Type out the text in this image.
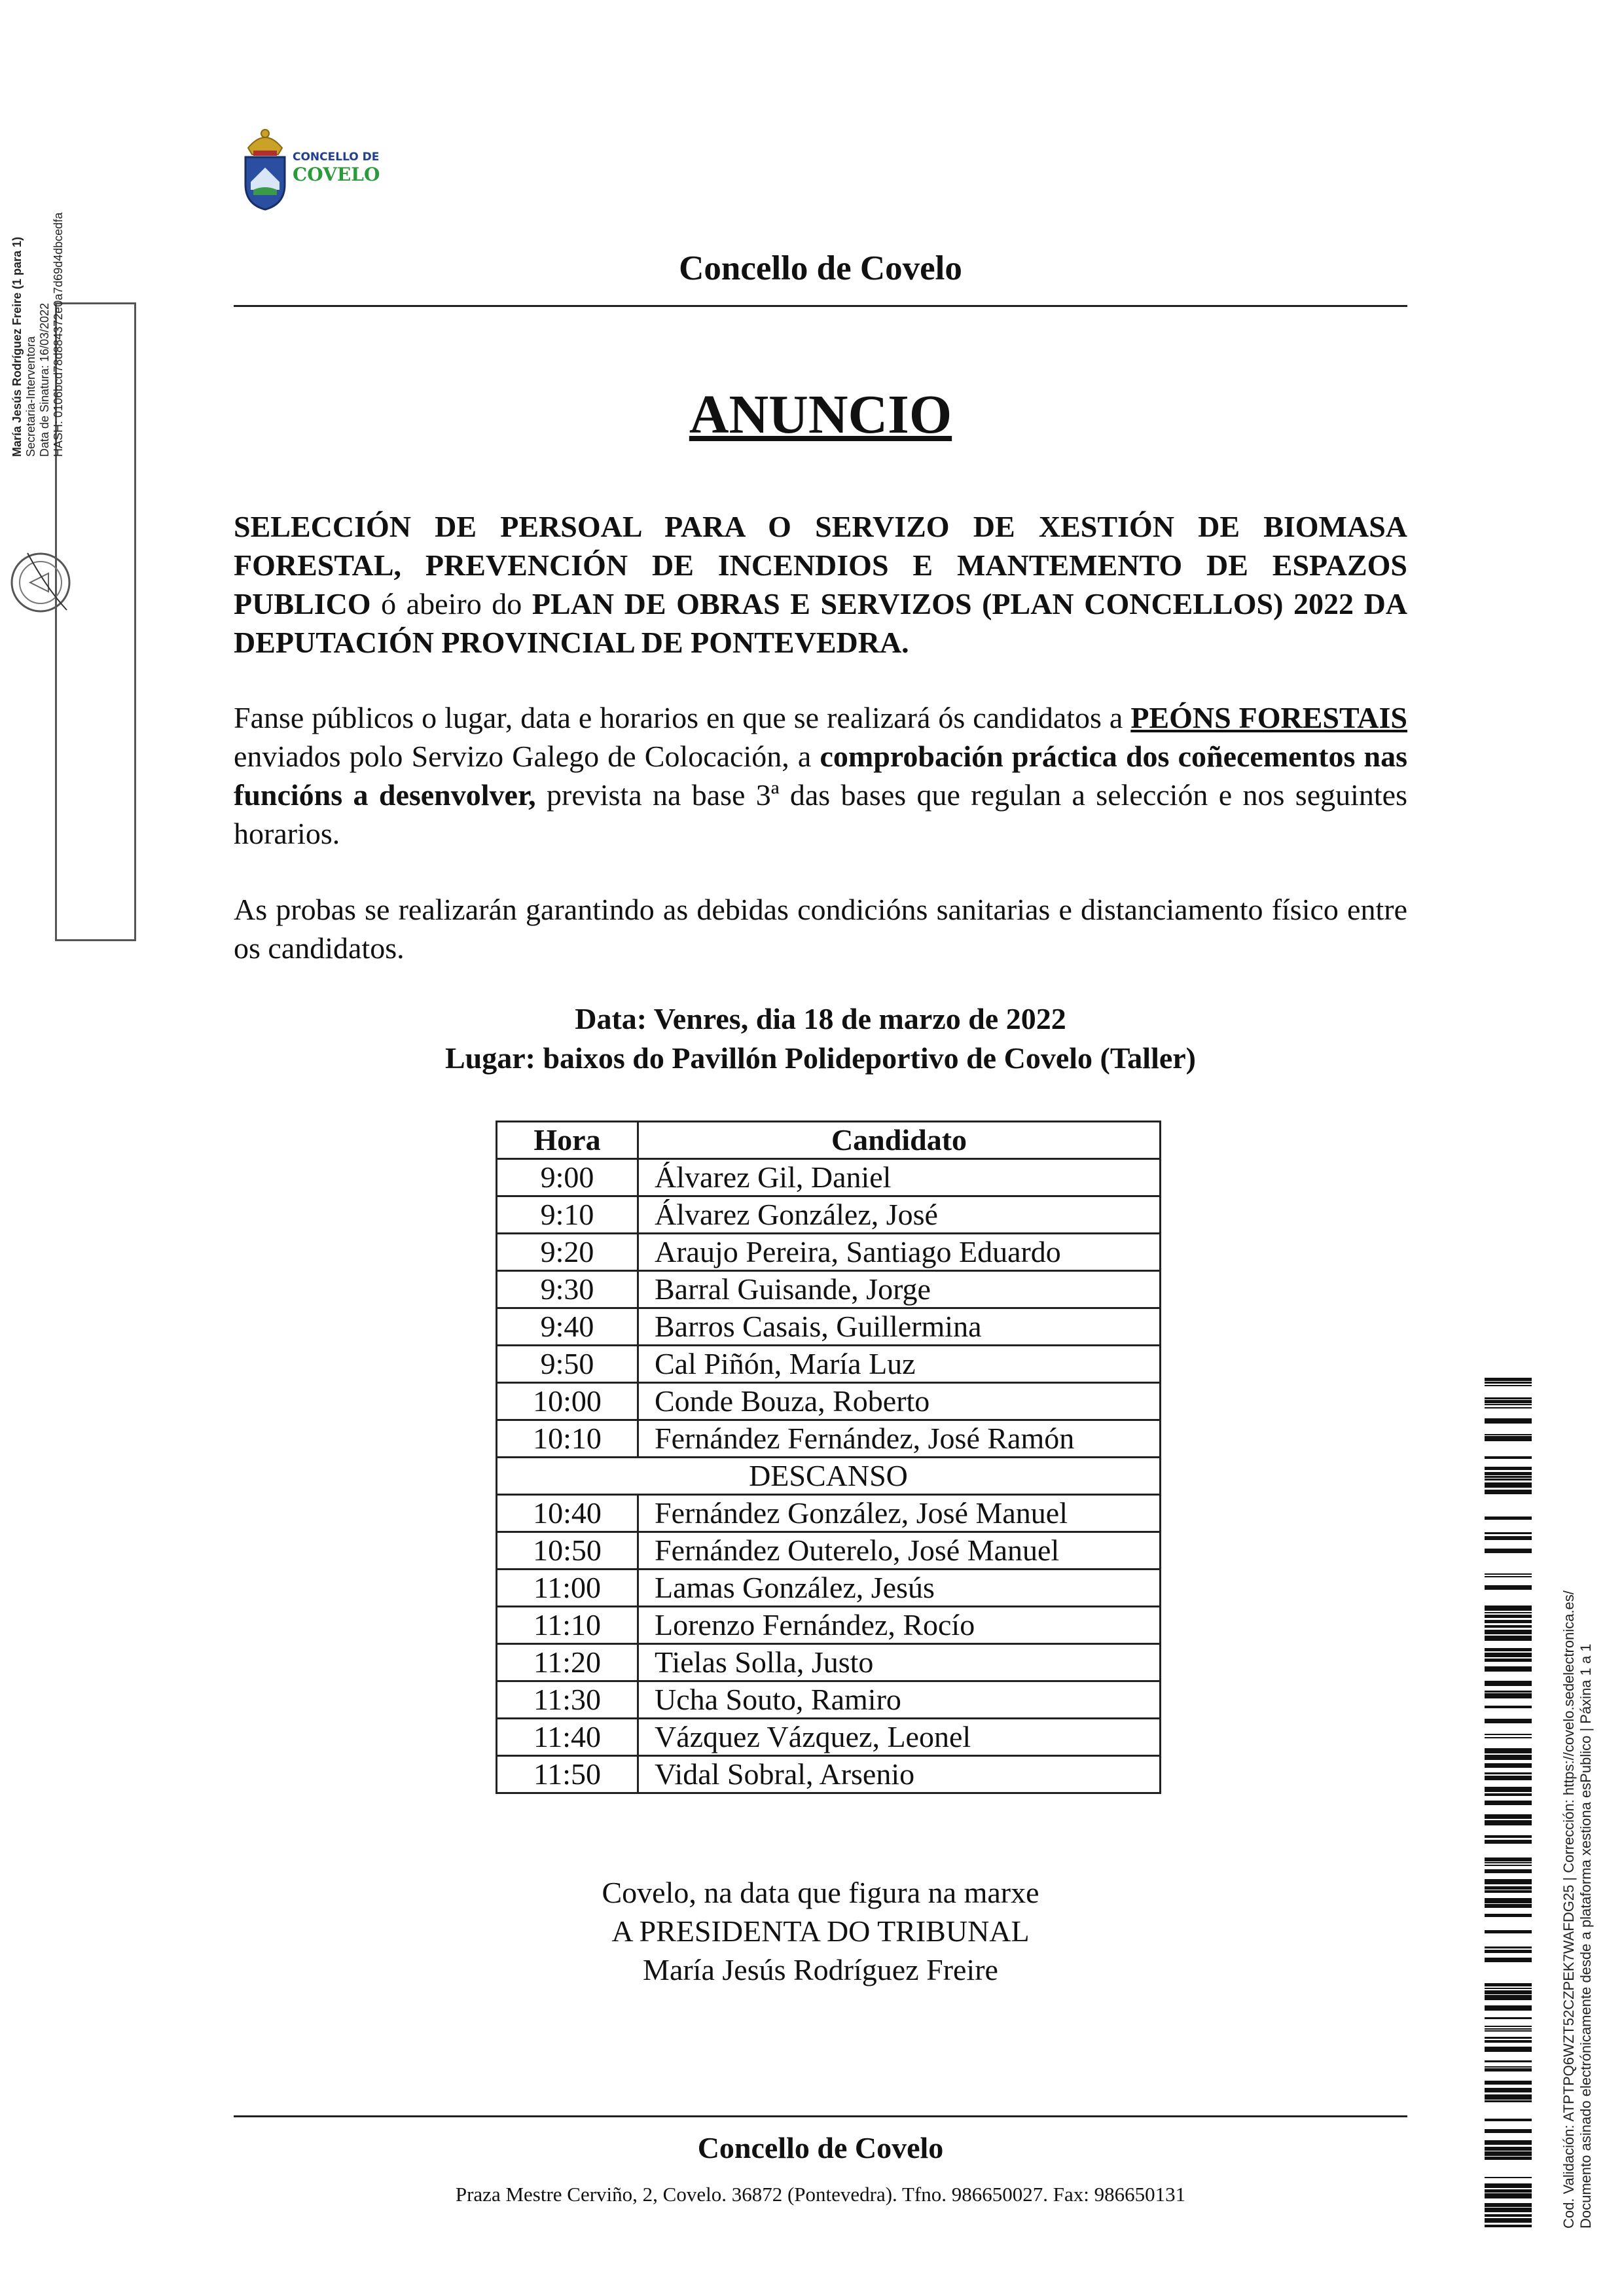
CONCELLO DE
COVELO
Concello de Covelo
ANUNCIO
SELECCIÓN DE PERSOAL PARA O SERVIZO DE XESTIÓN DE BIOMASA FORESTAL, PREVENCIÓN DE INCENDIOS E MANTEMENTO DE ESPAZOS PUBLICO ó abeiro do PLAN DE OBRAS E SERVIZOS (PLAN CONCELLOS) 2022 DA DEPUTACIÓN PROVINCIAL DE PONTEVEDRA.
Fanse públicos o lugar, data e horarios en que se realizará ós candidatos a PEÓNS FORESTAIS enviados polo Servizo Galego de Colocación, a comprobación práctica dos coñecementos nas funcións a desenvolver, prevista na base 3ª das bases que regulan a selección e nos seguintes horarios.
As probas se realizarán garantindo as debidas condicións sanitarias e distanciamento físico entre os candidatos.
Data: Venres, dia 18 de marzo de 2022
Lugar: baixos do Pavillón Polideportivo de Covelo (Taller)
Hora	Candidato
9:00	Álvarez Gil, Daniel
9:10	Álvarez González, José
9:20	Araujo Pereira, Santiago Eduardo
9:30	Barral Guisande, Jorge
9:40	Barros Casais, Guillermina
9:50	Cal Piñón, María Luz
10:00	Conde Bouza, Roberto
10:10	Fernández Fernández, José Ramón
DESCANSO	
10:40	Fernández González, José Manuel
10:50	Fernández Outerelo, José Manuel
11:00	Lamas González, Jesús
11:10	Lorenzo Fernández, Rocío
11:20	Tielas Solla, Justo
11:30	Ucha Souto, Ramiro
11:40	Vázquez Vázquez, Leonel
11:50	Vidal Sobral, Arsenio
Covelo, na data que figura na marxe
A PRESIDENTA DO TRIBUNAL
María Jesús Rodríguez Freire
Concello de Covelo
Praza Mestre Cerviño, 2, Covelo. 36872 (Pontevedra). Tfno. 986650027. Fax: 986650131
María Jesús Rodríguez Freire (1 para 1) Secretaria-Interventora Data de Sinatura: 16/03/2022 HASH: 0106bcd78d884372e0a7d69d4dbcedfa
Cod. Validación: ATPTPQ6WZT52CZPEK7WAFDG25 | Corrección: https://covelo.sedelectronica.es/ Documento asinado electrónicamente desde a plataforma xestiona esPublico | Páxina 1 a 1
